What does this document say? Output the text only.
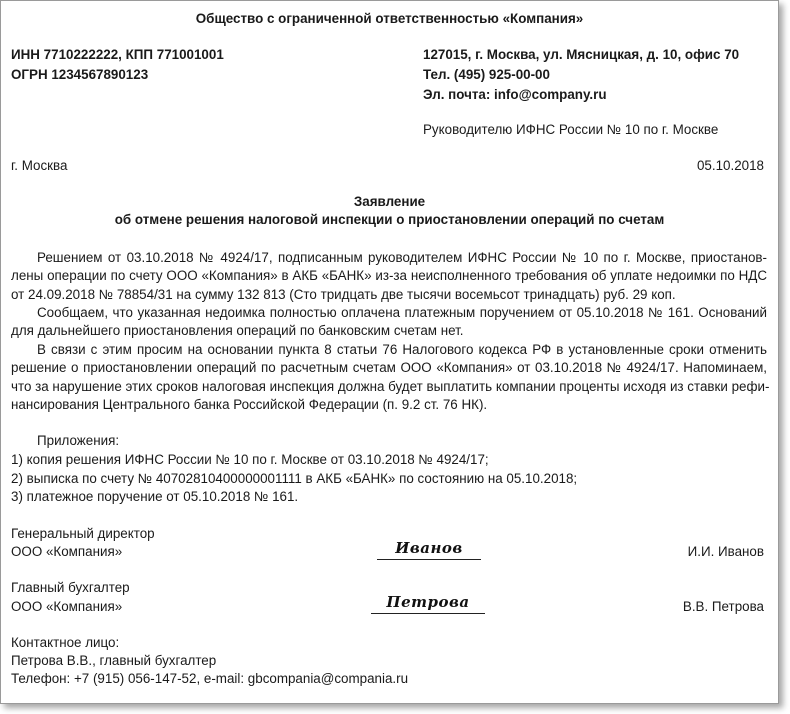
Общество с ограниченной ответственностью «Компания»
ИНН 7710222222, КПП 771001001
ОГРН 1234567890123
127015, г. Москва, ул. Мясницкая, д. 10, офис 70
Тел. (495) 925-00-00
Эл. почта: info@company.ru
Руководителю ИФНС России № 10 по г. Москве
г. Москва	05.10.2018
Заявление
об отмене решения налоговой инспекции о приостановлении операций по счетам
Решением от 03.10.2018 № 4924/17, подписанным руководителем ИФНС России № 10 по г. Москве, приостанов-
лены операции по счету ООО «Компания» в АКБ «БАНК» из-за неисполненного требования об уплате недоимки по НДС
от 24.09.2018 № 78854/31 на сумму 132 813 (Сто тридцать две тысячи восемьсот тринадцать) руб. 29 коп.
Сообщаем, что указанная недоимка полностью оплачена платежным поручением от 05.10.2018 № 161. Оснований
для дальнейшего приостановления операций по банковским счетам нет.
В связи с этим просим на основании пункта 8 статьи 76 Налогового кодекса РФ в установленные сроки отменить
решение о приостановлении операций по расчетным счетам ООО «Компания» от 03.10.2018 № 4924/17. Напоминаем,
что за нарушение этих сроков налоговая инспекция должна будет выплатить компании проценты исходя из ставки рефи-
нансирования Центрального банка Российской Федерации (п. 9.2 ст. 76 НК).
Приложения:
1) копия решения ИФНС России № 10 по г. Москве от 03.10.2018 № 4924/17;
2) выписка по счету № 40702810400000001111 в АКБ «БАНК» по состоянию на 05.10.2018;
3) платежное поручение от 05.10.2018 № 161.
Генеральный директор
ООО «Компания»	Иванов	И.И. Иванов
Главный бухгалтер
ООО «Компания»	Петрова	В.В. Петрова
Контактное лицо:
Петрова В.В., главный бухгалтер
Телефон: +7 (915) 056-147-52, e-mail: gbcompania@compania.ru
